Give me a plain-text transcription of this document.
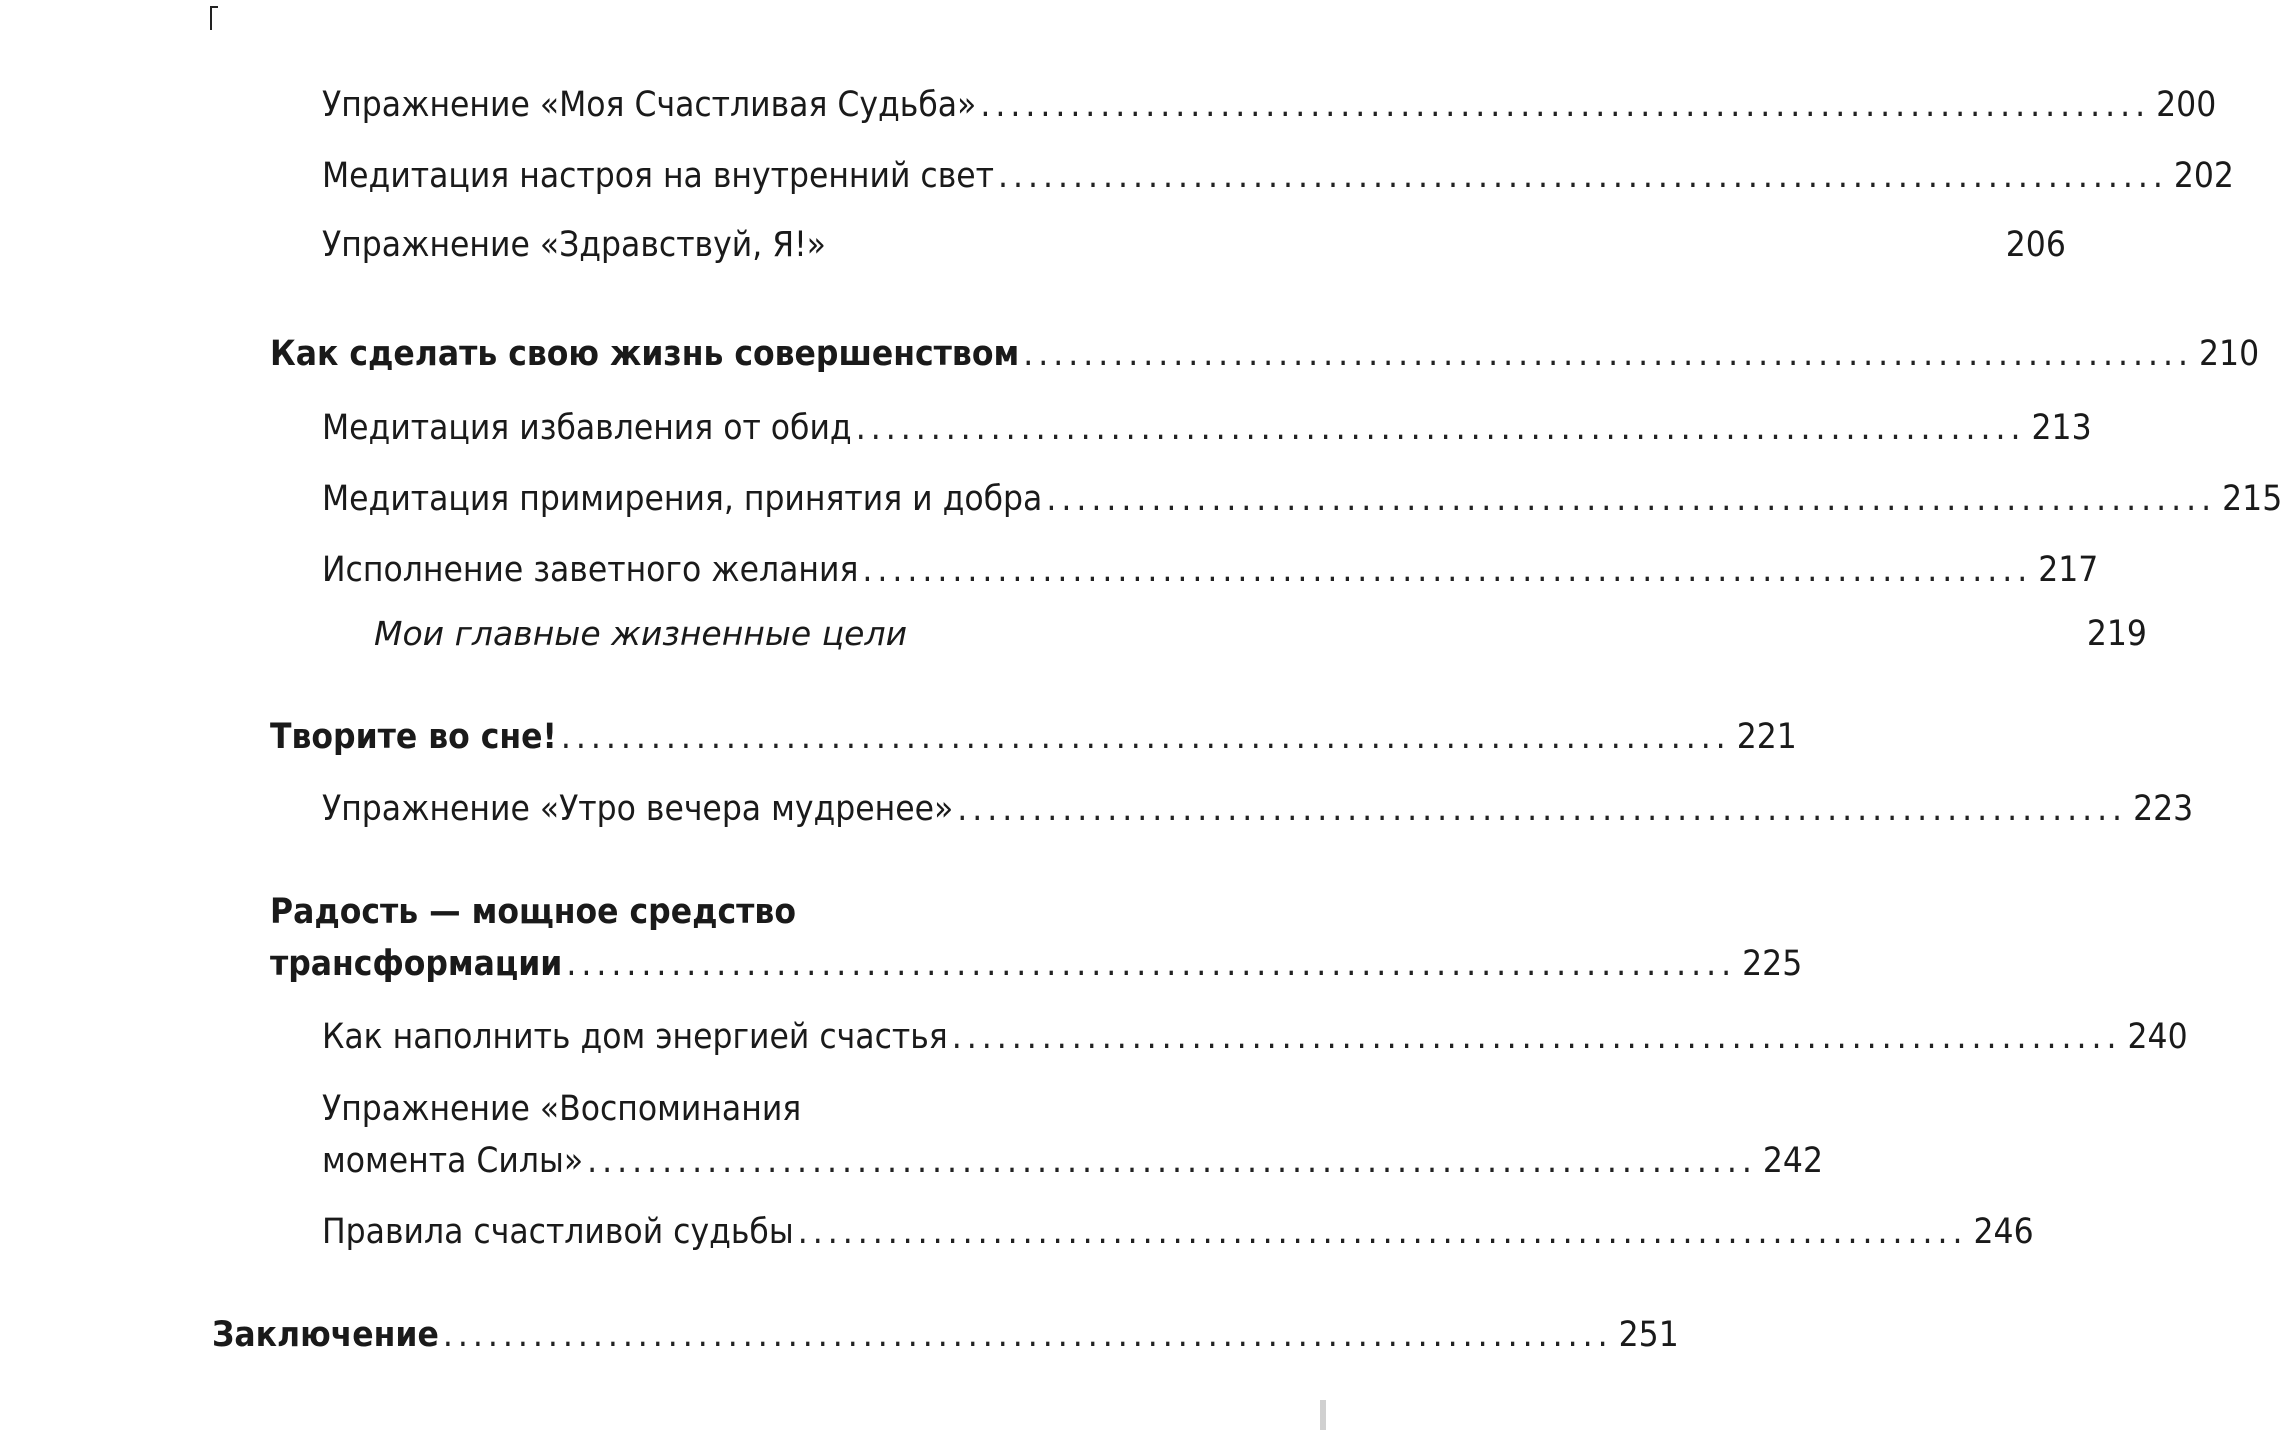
Упражнение «Моя Счастливая Судьба» .............................................................................. 200
Медитация настроя на внутренний свет .............................................................................. 202
Упражнение «Здравствуй, Я!»	206
Как сделать свою жизнь совершенством .............................................................................. 210
Медитация избавления от обид .............................................................................. 213
Медитация примирения, принятия и добра .............................................................................. 215
Исполнение заветного желания .............................................................................. 217
Мои главные жизненные цели	219
Творите во сне! .............................................................................. 221
Упражнение «Утро вечера мудренее» .............................................................................. 223
Радость — мощное средство
трансформации .............................................................................. 225
Как наполнить дом энергией счастья .............................................................................. 240
Упражнение «Воспоминания
момента Силы» .............................................................................. 242
Правила счастливой судьбы .............................................................................. 246
Заключение .............................................................................. 251
